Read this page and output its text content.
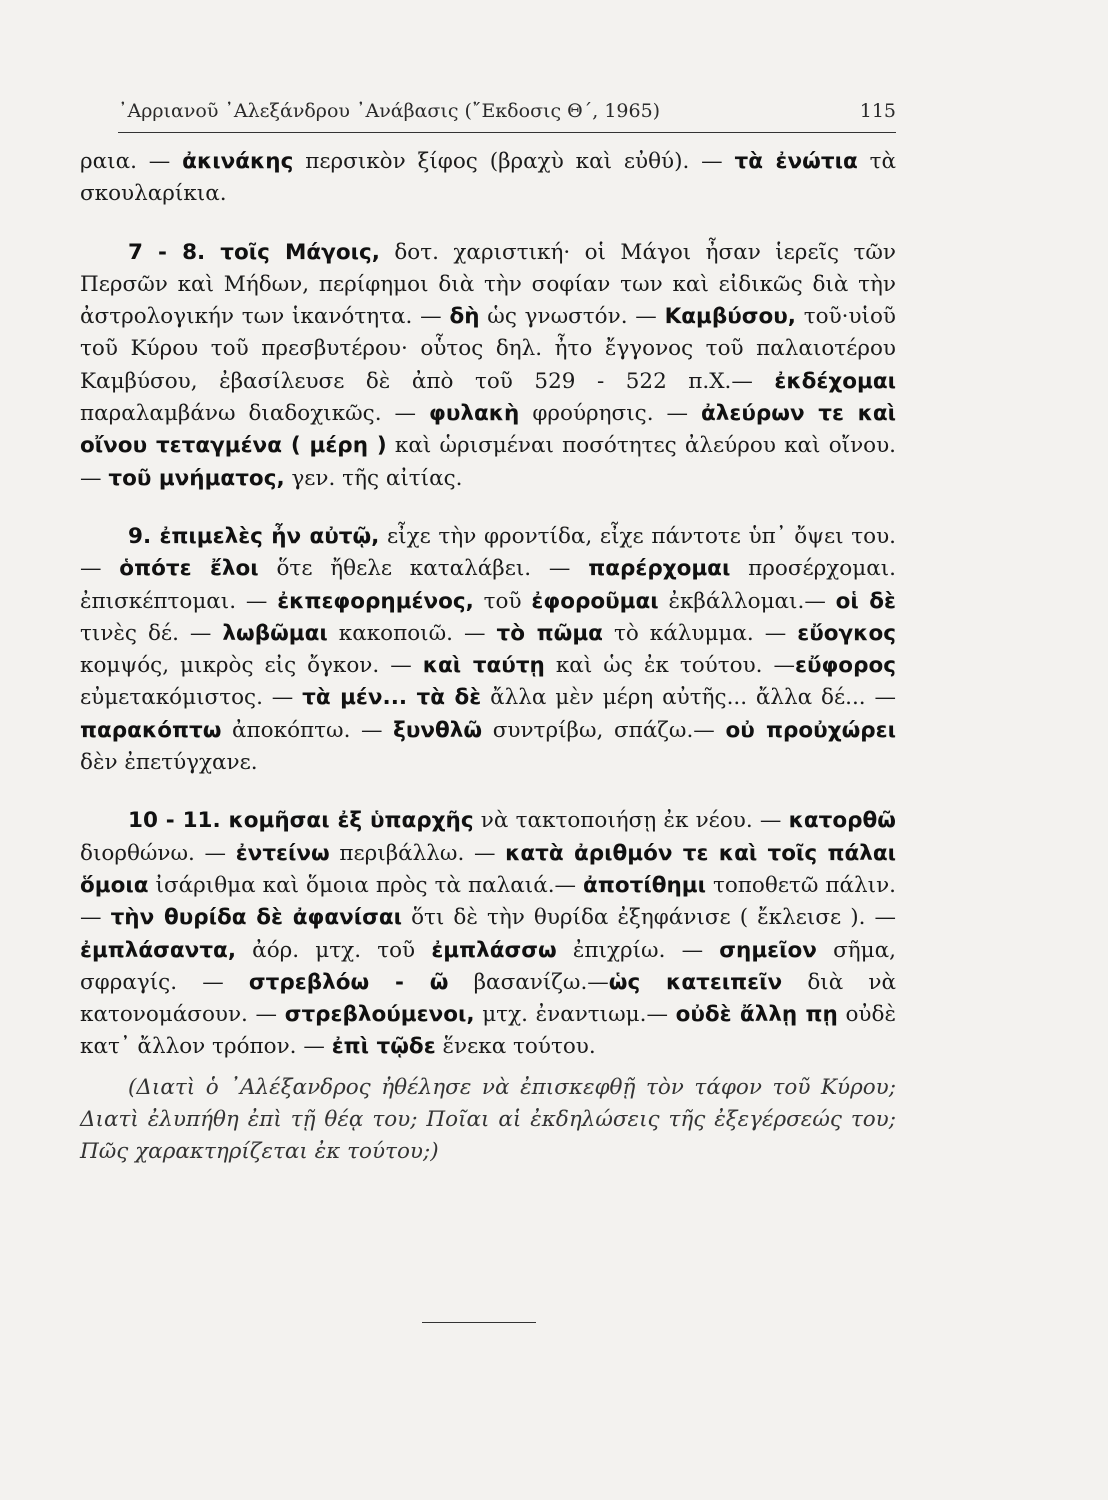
᾿Αρριανοῦ ᾿Αλεξάνδρου ᾿Ανάβασις (῎Εκδοσις Θ΄, 1965)	115

ραια. — ἀκινάκης περσικὸν ξίφος (βραχὺ καὶ εὐθύ). — τὰ ἐνώτια τὰ σκουλαρίκια.

7 - 8. τοῖς Μάγοις, δοτ. χαριστική· οἱ Μάγοι ἦσαν ἱερεῖς τῶν Περσῶν καὶ Μήδων, περίφημοι διὰ τὴν σοφίαν των καὶ εἰδικῶς διὰ τὴν ἀστρολογικήν των ἱκανότητα. — δὴ ὡς γνωστόν. — Καμβύσου, τοῦ·υἱοῦ τοῦ Κύρου τοῦ πρεσβυτέρου· οὗτος δηλ. ἦτο ἔγγονος τοῦ παλαιοτέρου Καμβύσου, ἐβασίλευσε δὲ ἀπὸ τοῦ 529 - 522 π.Χ.— ἐκδέχομαι παραλαμβάνω διαδοχικῶς. — φυλακὴ φρούρησις. — ἀλεύρων τε καὶ οἴνου τεταγμένα ( μέρη ) καὶ ὡρισμέναι ποσότητες ἀλεύρου καὶ οἴνου. — τοῦ μνήματος, γεν. τῆς αἰτίας.

9. ἐπιμελὲς ἦν αὐτῷ, εἶχε τὴν φροντίδα, εἶχε πάντοτε ὑπ᾿ ὄψει του. — ὁπότε ἔλοι ὅτε ἤθελε καταλάβει. — παρέρχομαι προσέρχομαι. ἐπισκέπτομαι. — ἐκπεφορημένος, τοῦ ἐφοροῦμαι ἐκβάλλομαι.— οἱ δὲ τινὲς δέ. — λωβῶμαι κακοποιῶ. — τὸ πῶμα τὸ κάλυμμα. — εὔογκος κομψός, μικρὸς εἰς ὄγκον. — καὶ ταύτῃ καὶ ὡς ἐκ τούτου. —εὔφορος εὐμετακόμιστος. — τὰ μέν... τὰ δὲ ἄλλα μὲν μέρη αὐτῆς... ἄλλα δέ... — παρακόπτω ἀποκόπτω. — ξυνθλῶ συντρίβω, σπάζω.— οὐ προὐχώρει δὲν ἐπετύγχανε.

10 - 11. κομῆσαι ἐξ ὑπαρχῆς νὰ τακτοποιήσῃ ἐκ νέου. — κατορθῶ διορθώνω. — ἐντείνω περιβάλλω. — κατὰ ἀριθμόν τε καὶ τοῖς πάλαι ὅμοια ἰσάριθμα καὶ ὅμοια πρὸς τὰ παλαιά.— ἀποτίθημι τοποθετῶ πάλιν. — τὴν θυρίδα δὲ ἀφανίσαι ὅτι δὲ τὴν θυρίδα ἐξηφάνισε ( ἔκλεισε ). — ἐμπλάσαντα, ἀόρ. μτχ. τοῦ ἐμπλάσσω ἐπιχρίω. — σημεῖον σῆμα, σφραγίς. — στρεβλόω - ῶ βασανίζω.—ὡς κατειπεῖν διὰ νὰ κατονομάσουν. — στρεβλούμενοι, μτχ. ἐναντιωμ.— οὐδὲ ἄλλῃ πῃ οὐδὲ κατ᾿ ἄλλον τρόπον. — ἐπὶ τῷδε ἕνεκα τούτου.

(Διατὶ ὁ ᾿Αλέξανδρος ἠθέλησε νὰ ἐπισκεφθῇ τὸν τάφον τοῦ Κύρου; Διατὶ ἐλυπήθη ἐπὶ τῇ θέᾳ του; Ποῖαι αἱ ἐκδηλώσεις τῆς ἐξεγέρσεώς του; Πῶς χαρακτηρίζεται ἐκ τούτου;)
